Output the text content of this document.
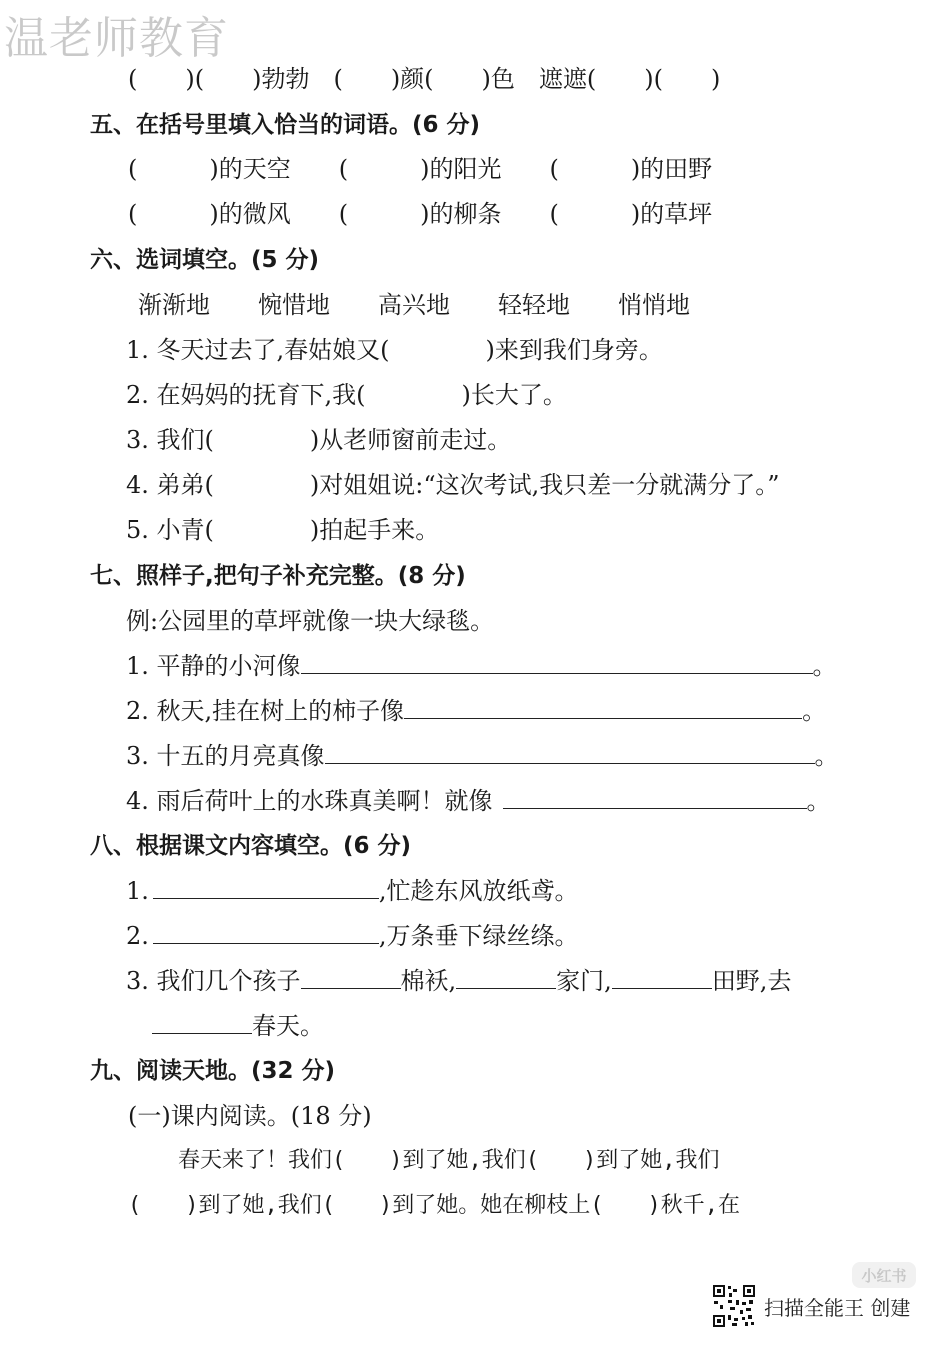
温老师教育
(　　)(　　)勃勃　(　　)颜(　　)色　遮遮(　　)(　　)
五、在括号里填入恰当的词语。(6 分)
(　　　)的天空　　(　　　)的阳光　　(　　　)的田野
(　　　)的微风　　(　　　)的柳条　　(　　　)的草坪
六、选词填空。(5 分)
渐渐地　　惋惜地　　高兴地　　轻轻地　　悄悄地
1. 冬天过去了,春姑娘又(　　　　)来到我们身旁。
2. 在妈妈的抚育下,我(　　　　)长大了。
3. 我们(　　　　)从老师窗前走过。
4. 弟弟(　　　　)对姐姐说:“这次考试,我只差一分就满分了。”
5. 小青(　　　　)拍起手来。
七、照样子,把句子补充完整。(8 分)
例:公园里的草坪就像一块大绿毯。
1. 平静的小河像	。
2. 秋天,挂在树上的柿子像	。
3. 十五的月亮真像	。
4. 雨后荷叶上的水珠真美啊！就像	。
八、根据课文内容填空。(6 分)
1.	,忙趁东风放纸鸢。
2.	,万条垂下绿丝绦。
3. 我们几个孩子	棉袄,	家门,	田野,去
春天。
九、阅读天地。(32 分)
(一)课内阅读。(18 分)
春天来了！我们(　　)到了她,我们(　　)到了她,我们
(　　)到了她,我们(　　)到了她。她在柳枝上(　　)秋千,在
小红书
扫描全能王 创建
